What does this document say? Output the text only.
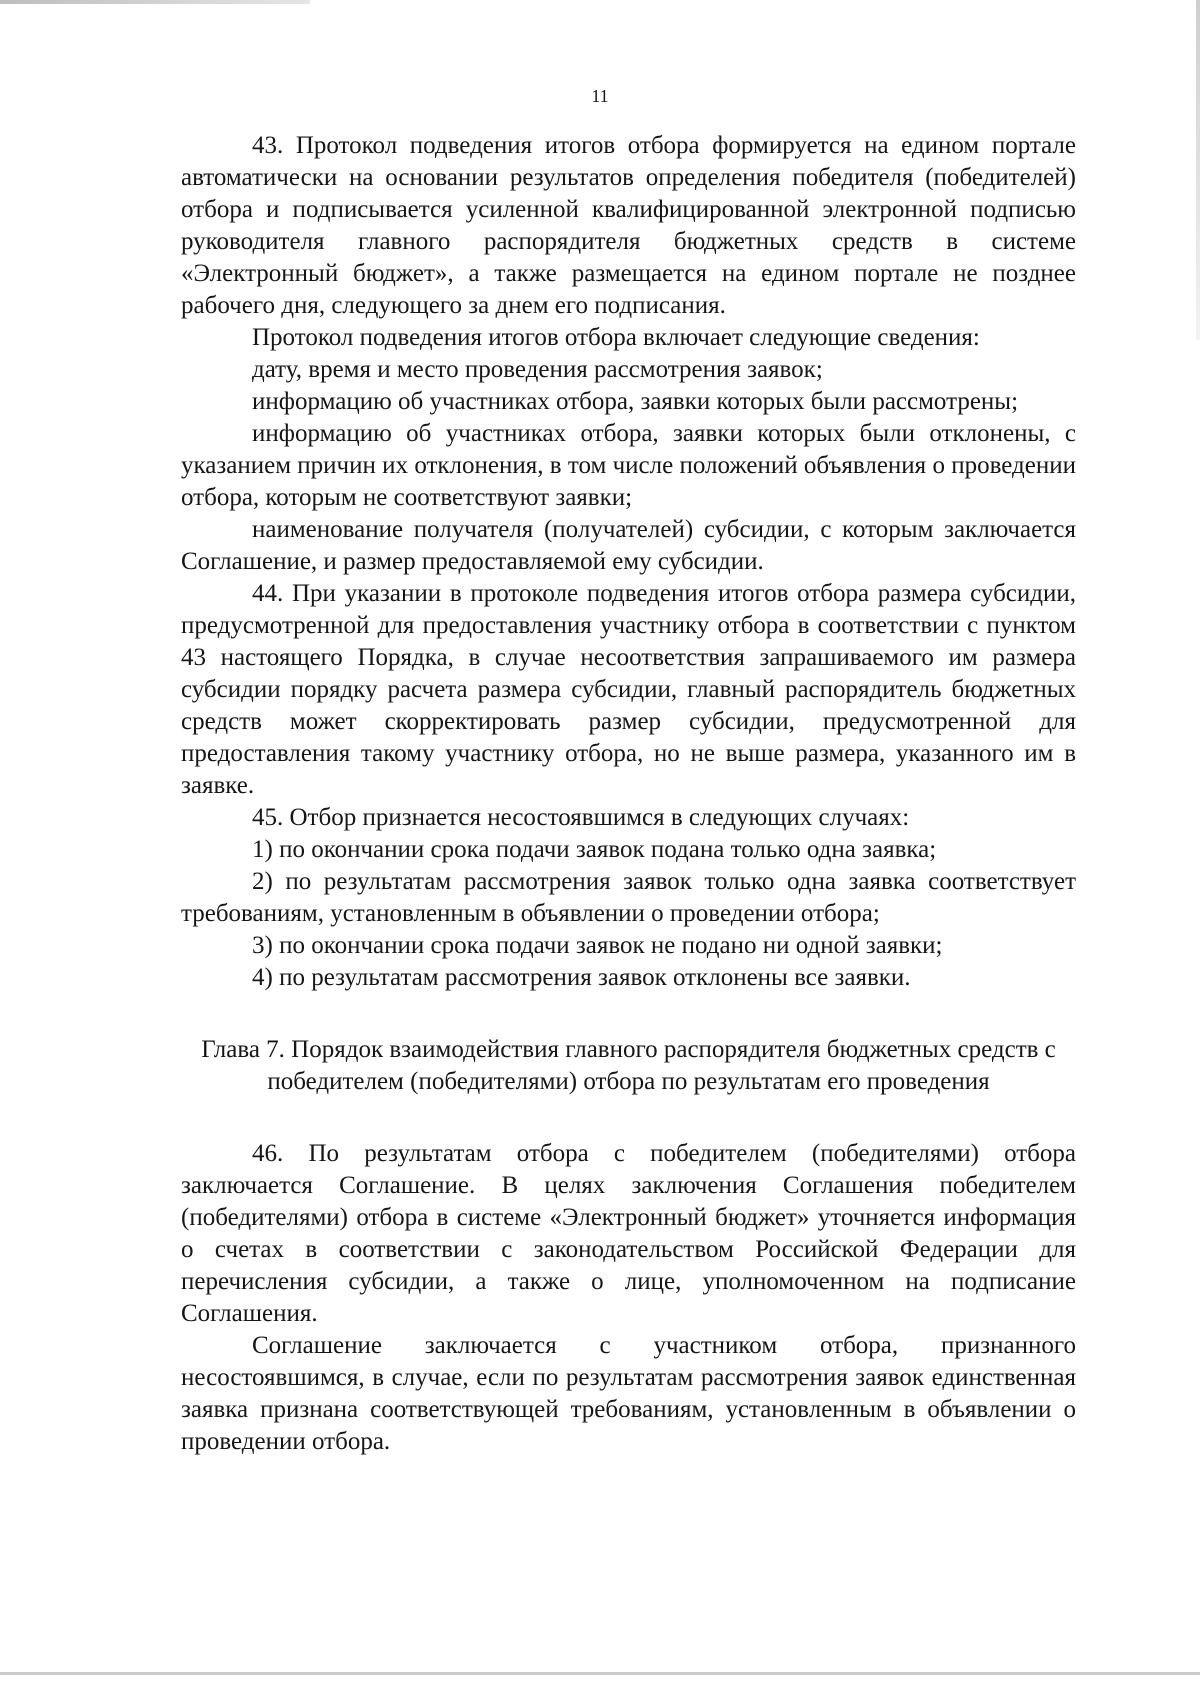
11

43. Протокол подведения итогов отбора формируется на едином портале автоматически на основании результатов определения победителя (победителей) отбора и подписывается усиленной квалифицированной электронной подписью руководителя главного распорядителя бюджетных средств в системе «Электронный бюджет», а также размещается на едином портале не позднее рабочего дня, следующего за днем его подписания.

Протокол подведения итогов отбора включает следующие сведения:

дату, время и место проведения рассмотрения заявок;

информацию об участниках отбора, заявки которых были рассмотрены;

информацию об участниках отбора, заявки которых были отклонены, с указанием причин их отклонения, в том числе положений объявления о проведении отбора, которым не соответствуют заявки;

наименование получателя (получателей) субсидии, с которым заключается Соглашение, и размер предоставляемой ему субсидии.

44. При указании в протоколе подведения итогов отбора размера субсидии, предусмотренной для предоставления участнику отбора в соответствии с пунктом 43 настоящего Порядка, в случае несоответствия запрашиваемого им размера субсидии порядку расчета размера субсидии, главный распорядитель бюджетных средств может скорректировать размер субсидии, предусмотренной для предоставления такому участнику отбора, но не выше размера, указанного им в заявке.

45. Отбор признается несостоявшимся в следующих случаях:

1) по окончании срока подачи заявок подана только одна заявка;

2) по результатам рассмотрения заявок только одна заявка соответствует требованиям, установленным в объявлении о проведении отбора;

3) по окончании срока подачи заявок не подано ни одной заявки;

4) по результатам рассмотрения заявок отклонены все заявки.

Глава 7. Порядок взаимодействия главного распорядителя бюджетных средств с победителем (победителями) отбора по результатам его проведения

46. По результатам отбора с победителем (победителями) отбора заключается Соглашение. В целях заключения Соглашения победителем (победителями) отбора в системе «Электронный бюджет» уточняется информация о счетах в соответствии с законодательством Российской Федерации для перечисления субсидии, а также о лице, уполномоченном на подписание Соглашения.

Соглашение заключается с участником отбора, признанного несостоявшимся, в случае, если по результатам рассмотрения заявок единственная заявка признана соответствующей требованиям, установленным в объявлении о проведении отбора.
